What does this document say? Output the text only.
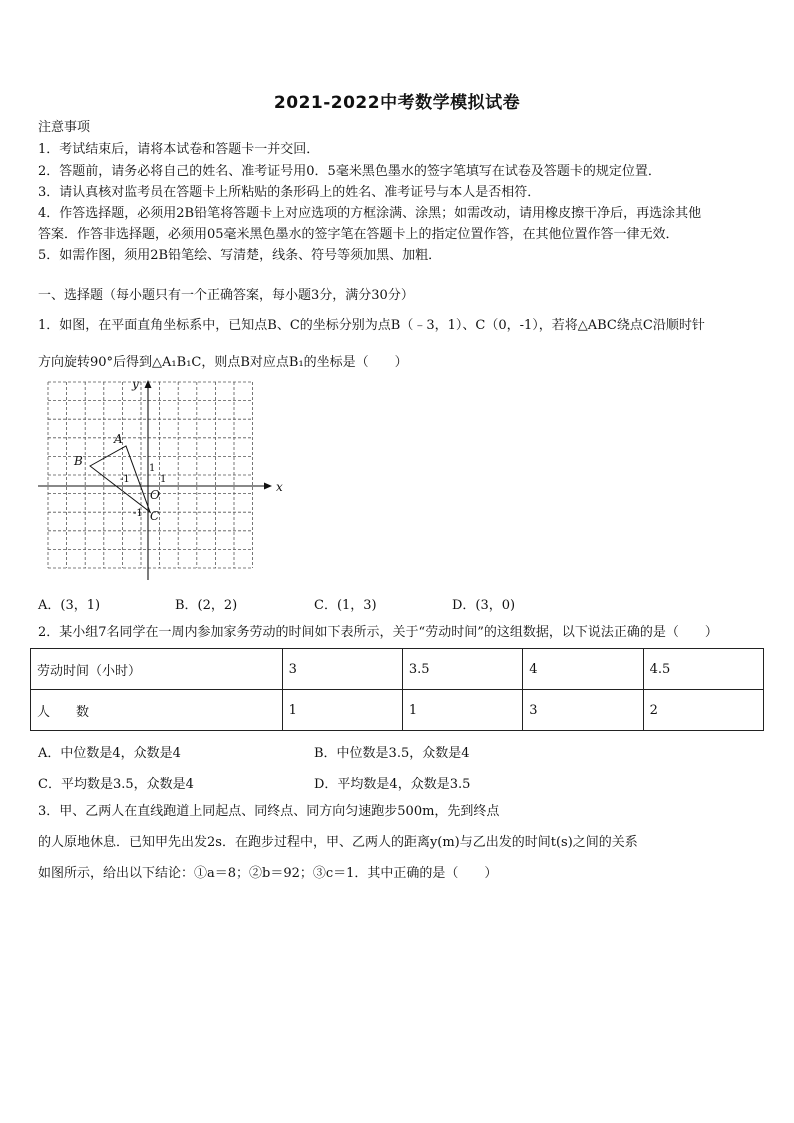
2021-2022中考数学模拟试卷
注意事项
1．考试结束后，请将本试卷和答题卡一并交回．
2．答题前，请务必将自己的姓名、准考证号用0．5毫米黑色墨水的签字笔填写在试卷及答题卡的规定位置．
3．请认真核对监考员在答题卡上所粘贴的条形码上的姓名、准考证号与本人是否相符．
4．作答选择题，必须用2B铅笔将答题卡上对应选项的方框涂满、涂黑；如需改动，请用橡皮擦干净后，再选涂其他
答案．作答非选择题，必须用05毫米黑色墨水的签字笔在答题卡上的指定位置作答，在其他位置作答一律无效．
5．如需作图，须用2B铅笔绘、写清楚，线条、符号等须加黑、加粗．
一、选择题（每小题只有一个正确答案，每小题3分，满分30分）
1．如图，在平面直角坐标系中，已知点B、C的坐标分别为点B（﹣3，1）、C（0，-1），若将△ABC绕点C沿顺时针
方向旋转90°后得到△A₁B₁C，则点B对应点B₁的坐标是（　　）
x
y
A
B
O
C
1
-1	1
-1
A．(3，1)	B．(2，2)	C．(1，3)	D．(3，0)
2．某小组7名同学在一周内参加家务劳动的时间如下表所示，关于“劳动时间”的这组数据，以下说法正确的是（　　）
劳动时间（小时）	3	3.5	4	4.5
人　　数	1	1	3	2
A．中位数是4，众数是4	B．中位数是3.5，众数是4
C．平均数是3.5，众数是4	D．平均数是4，众数是3.5
3．甲、乙两人在直线跑道上同起点、同终点、同方向匀速跑步500m，先到终点
的人原地休息．已知甲先出发2s．在跑步过程中，甲、乙两人的距离y(m)与乙出发的时间t(s)之间的关系
如图所示，给出以下结论：①a＝8；②b＝92；③c＝1．其中正确的是（　　）
